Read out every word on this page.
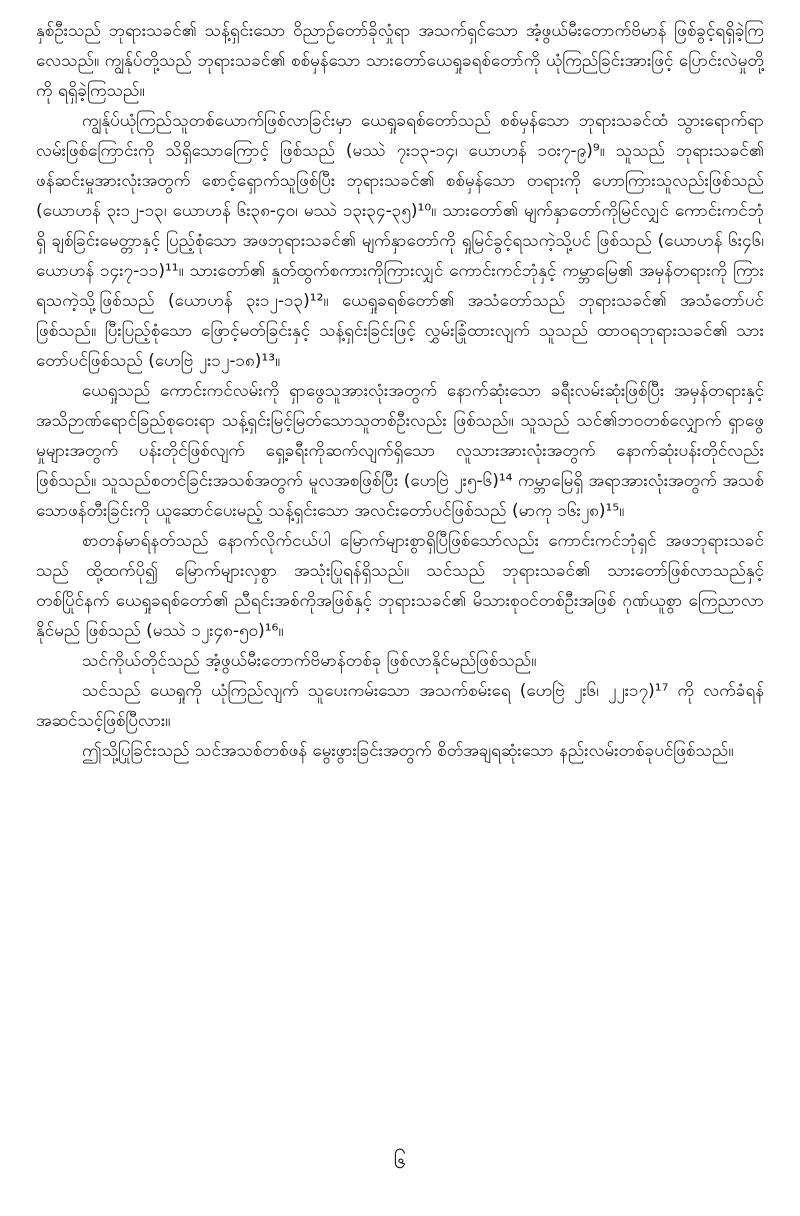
နှစ်ဦးသည် ဘုရားသခင်၏ သန့်ရှင်းသော ဝိညာဉ်တော်ခိုလှုံရာ အသက်ရှင်သော အံ့ဖွယ်မီးတောက်ဗိမာန် ဖြစ်ခွင့်ရရှိခဲ့ကြလေသည်။ ကျွန်ုပ်တို့သည် ဘုရားသခင်၏ စစ်မှန်သော သားတော်ယေရှုခရစ်တော်ကို ယုံကြည်ခြင်းအားဖြင့် ပြောင်းလဲမှုတို့ကို ရရှိခဲ့ကြသည်။

ကျွန်ုပ်ယုံကြည်သူတစ်ယောက်ဖြစ်လာခြင်းမှာ ယေရှုခရစ်တော်သည် စစ်မှန်သော ဘုရားသခင်ထံ သွားရောက်ရာလမ်းဖြစ်ကြောင်းကို သိရှိသောကြောင့် ဖြစ်သည် (မဿဲ ၇း၁၃-၁၄၊ ယောဟန် ၁၀း၇-၉)⁹။ သူသည် ဘုရားသခင်၏ ဖန်ဆင်းမှုအားလုံးအတွက် စောင့်ရှောက်သူဖြစ်ပြီး ဘုရားသခင်၏ စစ်မှန်သော တရားကို ဟောကြားသူလည်းဖြစ်သည် (ယောဟန် ၃း၁၂-၁၃၊ ယောဟန် ၆း၃၈-၄၀၊ မဿဲ ၁၃း၃၄-၃၅)¹⁰။ သားတော်၏ မျက်နှာတော်ကိုမြင်လျှင် ကောင်းကင်ဘုံရှိ ချစ်ခြင်းမေတ္တာနှင့် ပြည့်စုံသော အဖဘုရားသခင်၏ မျက်နှာတော်ကို ရှုမြင်ခွင့်ရသကဲ့သို့ပင် ဖြစ်သည် (ယောဟန် ၆း၄၆၊ ယောဟန် ၁၄း၇-၁၁)¹¹။ သားတော်၏ နှုတ်ထွက်စကားကိုကြားလျှင် ကောင်းကင်ဘုံနှင့် ကမ္ဘာမြေ၏ အမှန်တရားကို ကြားရသကဲ့သို့ဖြစ်သည် (ယောဟန် ၃း၁၂-၁၃)¹²။ ယေရှုခရစ်တော်၏ အသံတော်သည် ဘုရားသခင်၏ အသံတော်ပင်ဖြစ်သည်။ ပြီးပြည့်စုံသော ဖြောင့်မတ်ခြင်းနှင့် သန့်ရှင်းခြင်းဖြင့် လွှမ်းခြုံထားလျက် သူသည် ထာဝရဘုရားသခင်၏ သားတော်ပင်ဖြစ်သည် (ဟေဗြဲ ၂း၁၂-၁၈)¹³။

ယေရှုသည် ကောင်းကင်လမ်းကို ရှာဖွေသူအားလုံးအတွက် နောက်ဆုံးသော ခရီးလမ်းဆုံးဖြစ်ပြီး အမှန်တရားနှင့် အသိဉာဏ်ရောင်ခြည်စုဝေးရာ သန့်ရှင်းမြင့်မြတ်သောသူတစ်ဦးလည်း ဖြစ်သည်။ သူသည် သင်၏ဘဝတစ်လျှောက် ရှာဖွေမှုများအတွက် ပန်းတိုင်ဖြစ်လျက် ရှေ့ခရီးကိုဆက်လျက်ရှိသော လူသားအားလုံးအတွက် နောက်ဆုံးပန်းတိုင်လည်း ဖြစ်သည်။ သူသည်စတင်ခြင်းအသစ်အတွက် မူလအစဖြစ်ပြီး (ဟေဗြဲ ၂း၅-၆)¹⁴ ကမ္ဘာမြေရှိ အရာအားလုံးအတွက် အသစ်သောဖန်တီးခြင်းကို ယူဆောင်ပေးမည့် သန့်ရှင်းသော အလင်းတော်ပင်ဖြစ်သည် (မာကု ၁၆း၂၈)¹⁵။

စာတန်မာရ်နတ်သည် နောက်လိုက်ငယ်ပါ မြောက်များစွာရှိပြီဖြစ်သော်လည်း ကောင်းကင်ဘုံရှင် အဖဘုရားသခင်သည် ထို့ထက်ပို၍ မြောက်များလှစွာ အသုံးပြုရန်ရှိသည်။ သင်သည် ဘုရားသခင်၏ သားတော်ဖြစ်လာသည်နှင့် တစ်ပြိုင်နက် ယေရှုခရစ်တော်၏ ညီရင်းအစ်ကိုအဖြစ်နှင့် ဘုရားသခင်၏ မိသားစုဝင်တစ်ဦးအဖြစ် ဂုဏ်ယူစွာ ကြေညာလာနိုင်မည် ဖြစ်သည် (မဿဲ ၁၂း၄၈-၅၀)¹⁶။

သင်ကိုယ်တိုင်သည် အံ့ဖွယ်မီးတောက်ဗိမာန်တစ်ခု ဖြစ်လာနိုင်မည်ဖြစ်သည်။

သင်သည် ယေရှုကို ယုံကြည်လျက် သူပေးကမ်းသော အသက်စမ်းရေ (ဟေဗြဲ ၂း၆၊ ၂၂း၁၇)¹⁷ ကို လက်ခံရန် အဆင်သင့်ဖြစ်ပြီလား။

ဤသို့ပြုခြင်းသည် သင်အသစ်တစ်ဖန် မွေးဖွားခြင်းအတွက် စိတ်အချရဆုံးသော နည်းလမ်းတစ်ခုပင်ဖြစ်သည်။

၆
